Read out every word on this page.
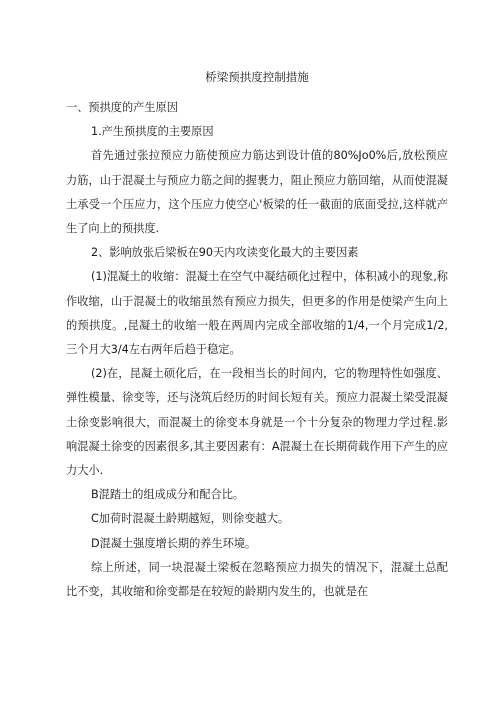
桥梁预拱度控制措施

一、预拱度的产生原因

1.产生预拱度的主要原因

首先通过张拉预应力筋使预应力筋达到设计值的80%Jo0%后,放松预应力筋，山于混凝土与预应力筋之间的握裹力，阻止预应力筋回缩，从而使混凝土承受一个压应力，这个压应力使空心'板梁的任一截面的底面受拉,这样就产生了向上的预拱度.

2、影响放张后梁板在90天内攻读变化最大的主要因素

(1)混凝土的收缩：混凝土在空气中凝结硕化过程中，体积减小的现象,称作收缩，山于混凝土的收缩虽然有预应力损失，但更多的作用是使梁产生向上的预拱度。,昆凝土的收缩一般在两周内完成全部收缩的1/4,一个月完成1/2,三个月大3/4左右两年后趋于稳定。

(2)在，昆凝土硕化后，在一段相当长的时间内，它的物理特性如强度、弹性模量、徐变等，还与浇筑后经历的时间长短有关。预应力混凝土梁受混凝土徐变影响很大，而混凝土的徐变本身就是一个十分复杂的物理力学过程.影响混凝土徐变的因素很多,其主要因素有：A混凝土在长期荷载作用下产生的应力大小.

B混踏土的组成成分和配合比。

C加荷时混凝土龄期越短，则徐变越大。

D混凝土强度增长期的养生环境。

综上所述，同一块混凝土梁板在忽略预应力损失的情况下，混凝土总配比不变，其收缩和徐变都是在较短的龄期内发生的，也就是在
